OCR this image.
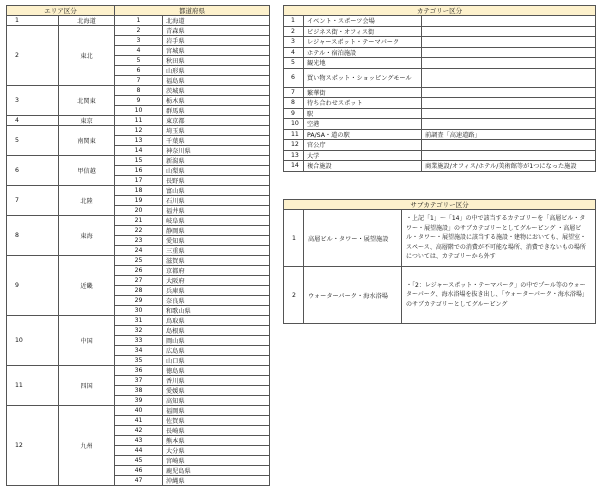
エリア区分		都道府県	
1	北海道	1	北海道
2	東北	2	青森県
		3	岩手県
		4	宮城県
		5	秋田県
		6	山形県
		7	福島県
3	北関東	8	茨城県
		9	栃木県
		10	群馬県
4	東京	11	東京都
5	南関東	12	埼玉県
		13	千葉県
		14	神奈川県
6	甲信越	15	新潟県
		16	山梨県
		17	長野県
7	北陸	18	富山県
		19	石川県
		20	福井県
8	東海	21	岐阜県
		22	静岡県
		23	愛知県
		24	三重県
9	近畿	25	滋賀県
		26	京都府
		27	大阪府
		28	兵庫県
		29	奈良県
		30	和歌山県
10	中国	31	鳥取県
		32	島根県
		33	岡山県
		34	広島県
		35	山口県
11	四国	36	徳島県
		37	香川県
		38	愛媛県
		39	高知県
12	九州	40	福岡県
		41	佐賀県
		42	長崎県
		43	熊本県
		44	大分県
		45	宮崎県
		46	鹿児島県
		47	沖縄県
カテゴリー区分		
1	イベント・スポーツ会場	
2	ビジネス街・オフィス街	
3	レジャースポット・テーマパーク	
4	ホテル・宿泊施設	
5	観光地	
6	買い物スポット・ショッピングモール	
7	繁華街	
8	待ち合わせスポット	
9	駅	
10	空港	
11	PA/SA・道の駅	前調査「高速道路」
12	官公庁	
13	大学	
14	複合施設	商業施設/オフィス/ホテル/美術館等が1つになった施設
サブカテゴリー区分		
1	高層ビル・タワー・展望施設	・上記「1」～「14」の中で該当するカテゴリーを「高層ビル・タワー・展望施設」のサブカテゴリーとしてグルーピング ・高層ビル・タワー・展望施設に該当する施設・建物においても、展望室・スペース、高層階での消費が不可能な場所、消費できないもの場所については、カテゴリーから外す
2	ウォーターパーク・海水浴場	・「2：レジャースポット・テーマパーク」の中でプール等のウォーターパーク、海水浴場を抜き出し、「ウォーターパーク・海水浴場」のサブカテゴリーとしてグルーピング
